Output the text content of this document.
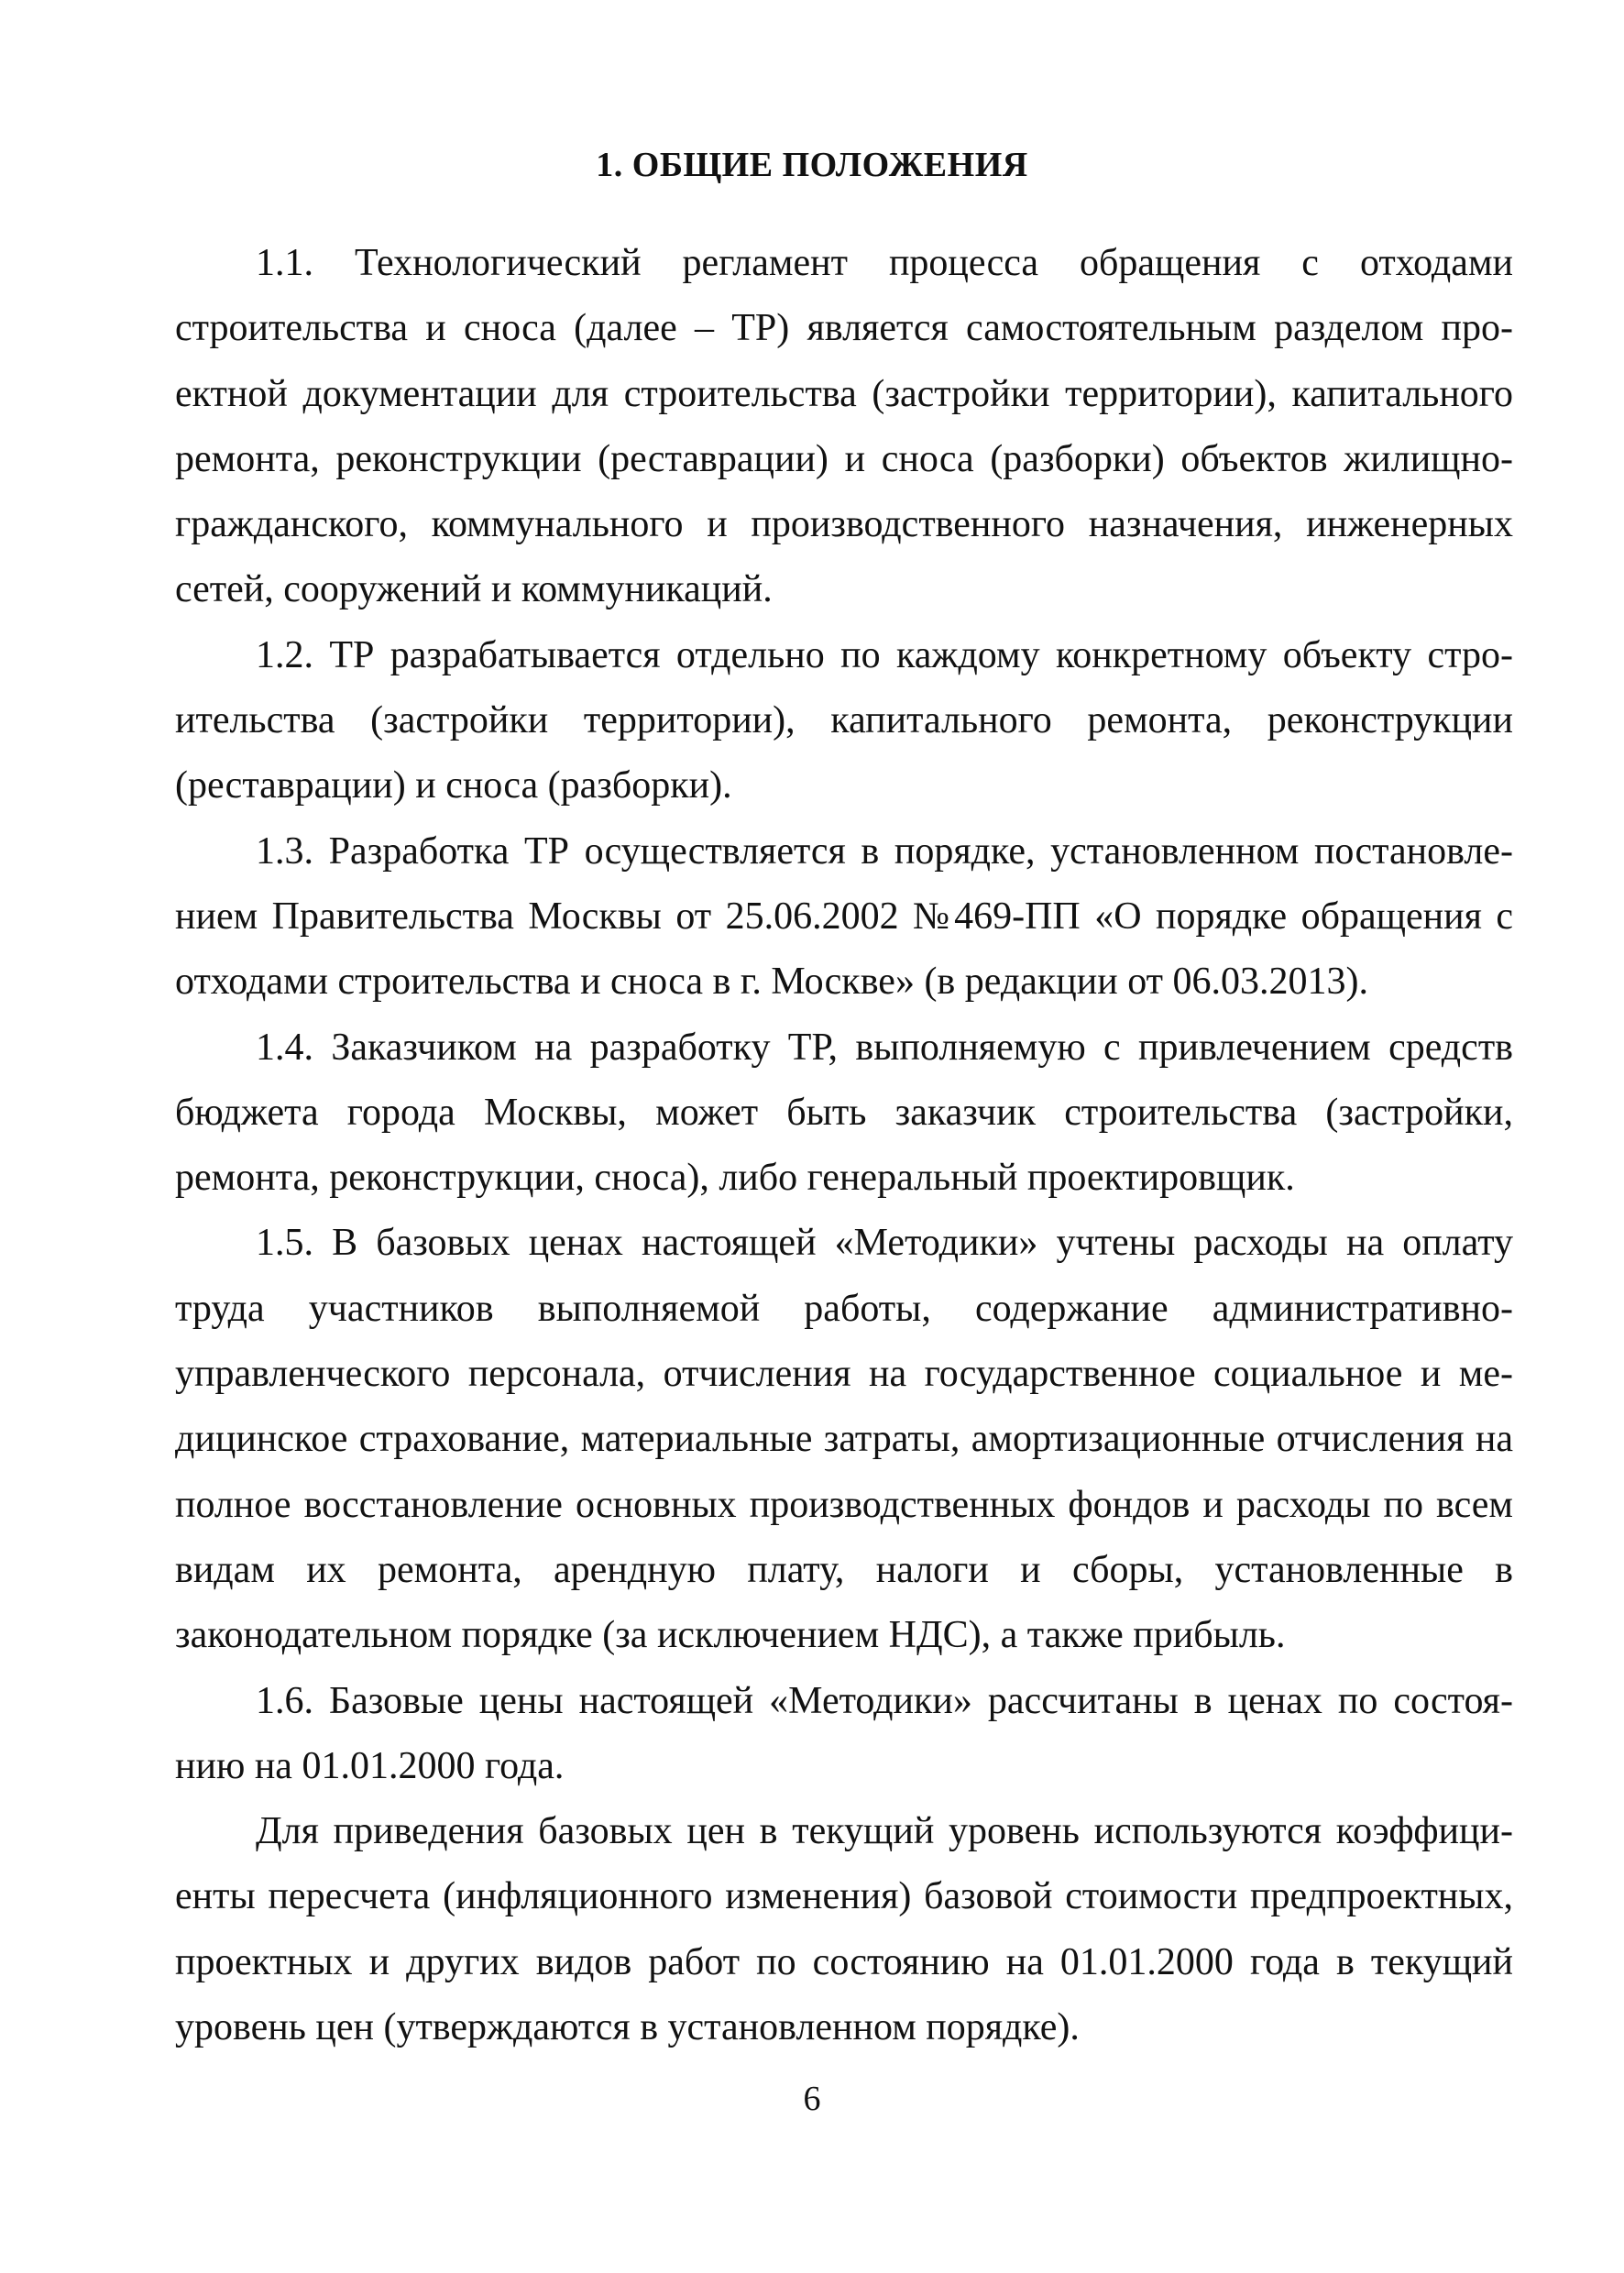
1. ОБЩИЕ ПОЛОЖЕНИЯ

1.1. Технологический регламент процесса обращения с отходами строительства и сноса (далее – ТР) является самостоятельным разделом проектной документации для строительства (застройки территории), капитального ремонта, реконструкции (реставрации) и сноса (разборки) объектов жилищно-гражданского, коммунального и производственного назначения, инженерных сетей, сооружений и коммуникаций.

1.2. ТР разрабатывается отдельно по каждому конкретному объекту строительства (застройки территории), капитального ремонта, реконструкции (реставрации) и сноса (разборки).

1.3. Разработка ТР осуществляется в порядке, установленном постановлением Правительства Москвы от 25.06.2002 №469-ПП «О порядке обращения с отходами строительства и сноса в г. Москве» (в редакции от 06.03.2013).

1.4. Заказчиком на разработку ТР, выполняемую с привлечением средств бюджета города Москвы, может быть заказчик строительства (застройки, ремонта, реконструкции, сноса), либо генеральный проектировщик.

1.5. В базовых ценах настоящей «Методики» учтены расходы на оплату труда участников выполняемой работы, содержание административно-управленческого персонала, отчисления на государственное социальное и медицинское страхование, материальные затраты, амортизационные отчисления на полное восстановление основных производственных фондов и расходы по всем видам их ремонта, арендную плату, налоги и сборы, установленные в законодательном порядке (за исключением НДС), а также прибыль.

1.6. Базовые цены настоящей «Методики» рассчитаны в ценах по состоянию на 01.01.2000 года.

Для приведения базовых цен в текущий уровень используются коэффициенты пересчета (инфляционного изменения) базовой стоимости предпроектных, проектных и других видов работ по состоянию на 01.01.2000 года в текущий уровень цен (утверждаются в установленном порядке).

6
